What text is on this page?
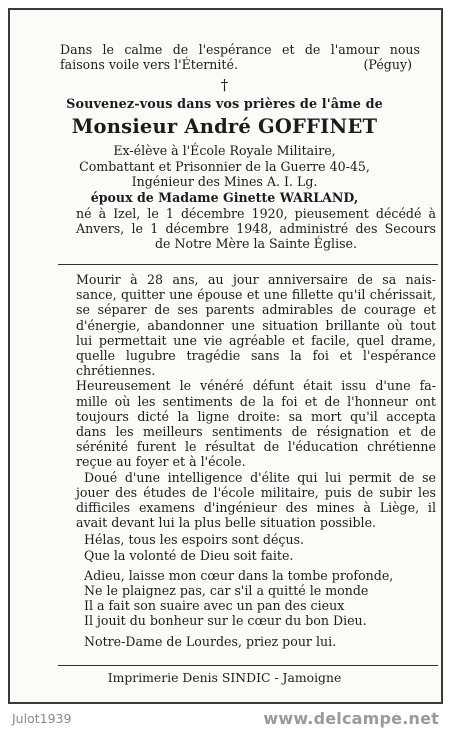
Dans le calme de l'espérance et de l'amour nous
faisons voile vers l'Éternité.	(Péguy)
†
Souvenez-vous dans vos prières de l'âme de
Monsieur André GOFFINET
Ex-élève à l'École Royale Militaire,
Combattant et Prisonnier de la Guerre 40-45,
Ingénieur des Mines A. I. Lg.
époux de Madame Ginette WARLAND,
né à Izel, le 1 décembre 1920, pieusement décédé à
Anvers, le 1 décembre 1948, administré des Secours
de Notre Mère la Sainte Église.
Mourir à 28 ans, au jour anniversaire de sa nais-
sance, quitter une épouse et une fillette qu'il chérissait,
se séparer de ses parents admirables de courage et
d'énergie, abandonner une situation brillante où tout
lui permettait une vie agréable et facile, quel drame,
quelle lugubre tragédie sans la foi et l'espérance
chrétiennes.
Heureusement le vénéré défunt était issu d'une fa-
mille où les sentiments de la foi et de l'honneur ont
toujours dicté la ligne droite: sa mort qu'il accepta
dans les meilleurs sentiments de résignation et de
sérénité furent le résultat de l'éducation chrétienne
reçue au foyer et à l'école.
Doué d'une intelligence d'élite qui lui permit de se
jouer des études de l'école militaire, puis de subir les
difficiles examens d'ingénieur des mines à Liège, il
avait devant lui la plus belle situation possible.
Hélas, tous les espoirs sont déçus.
Que la volonté de Dieu soit faite.
Adieu, laisse mon cœur dans la tombe profonde,
Ne le plaignez pas, car s'il a quitté le monde
Il a fait son suaire avec un pan des cieux
Il jouit du bonheur sur le cœur du bon Dieu.
Notre-Dame de Lourdes, priez pour lui.
Imprimerie Denis SINDIC - Jamoigne
Julot1939	www.delcampe.net
